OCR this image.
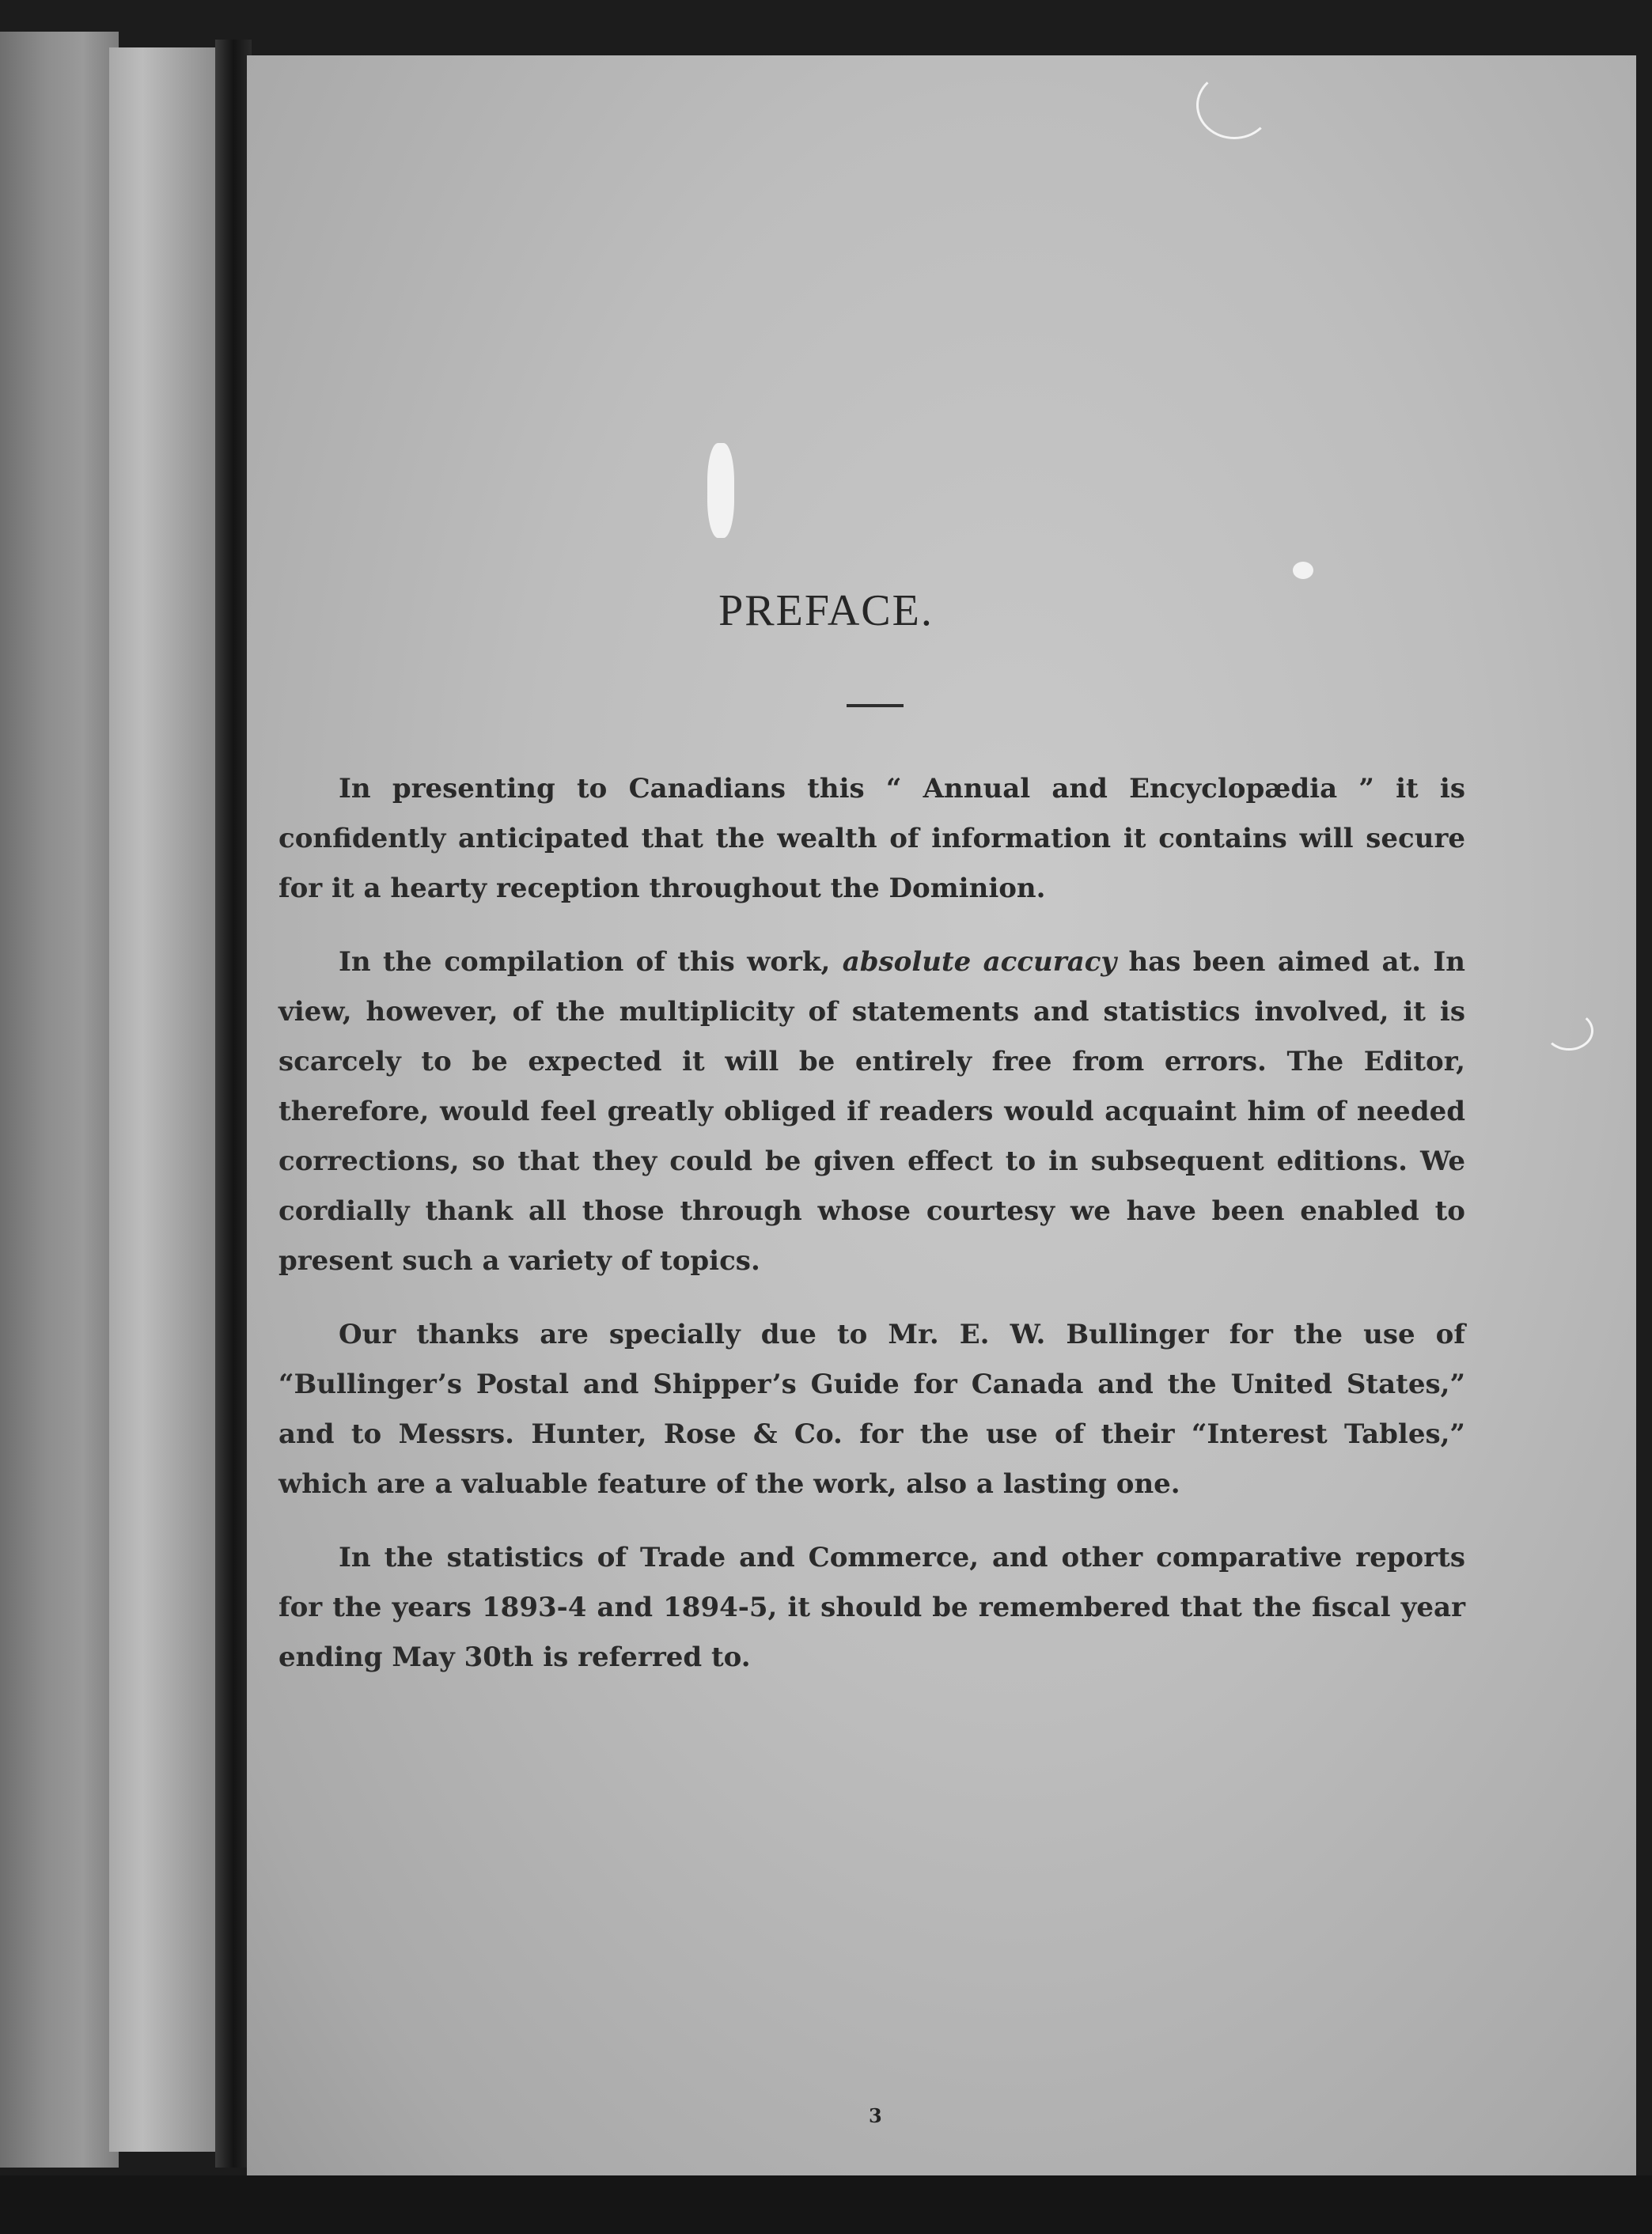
PREFACE.

In presenting to Canadians this “ Annual and Encyclopædia ” it is confidently anticipated that the wealth of information it contains will secure for it a hearty reception throughout the Dominion.

In the compilation of this work, absolute accuracy has been aimed at. In view, however, of the multiplicity of statements and statistics involved, it is scarcely to be expected it will be entirely free from errors. The Editor, therefore, would feel greatly obliged if readers would acquaint him of needed corrections, so that they could be given effect to in subsequent editions. We cordially thank all those through whose courtesy we have been enabled to present such a variety of topics.

Our thanks are specially due to Mr. E. W. Bullinger for the use of “Bullinger’s Postal and Shipper’s Guide for Canada and the United States,” and to Messrs. Hunter, Rose & Co. for the use of their “Interest Tables,” which are a valuable feature of the work, also a lasting one.

In the statistics of Trade and Commerce, and other comparative reports for the years 1893-4 and 1894-5, it should be remembered that the fiscal year ending May 30th is referred to.

3
